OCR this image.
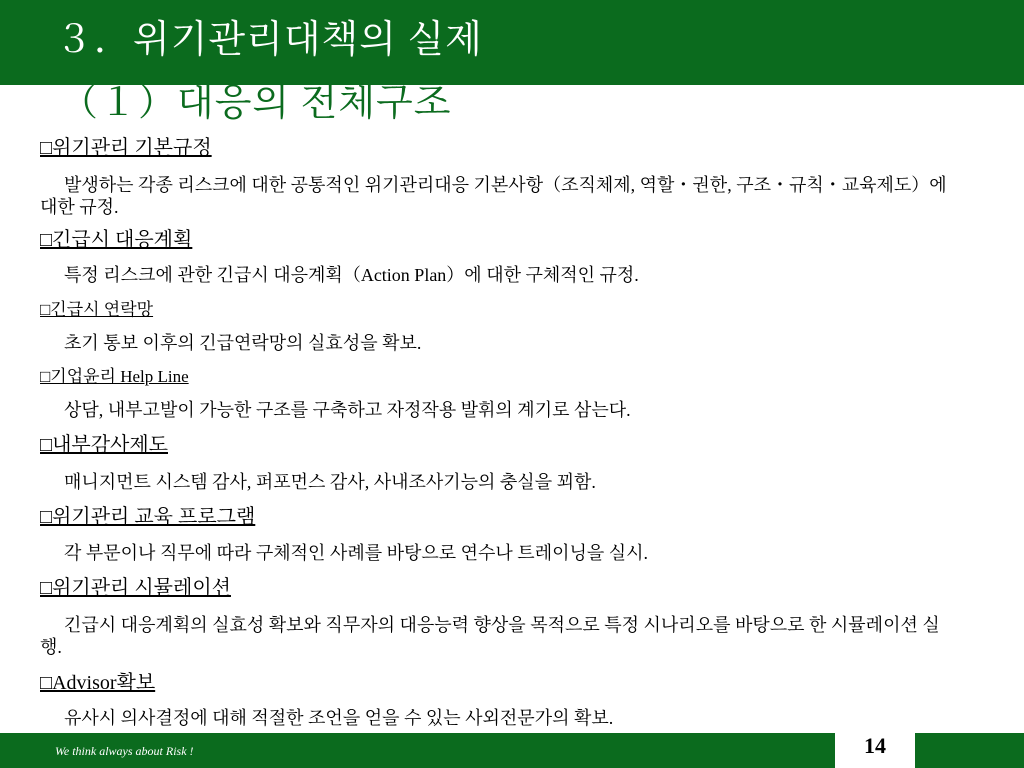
３．위기관리대책의 실제
（１）대응의 전체구조
□위기관리 기본규정
발생하는 각종 리스크에 대한 공통적인 위기관리대응 기본사항（조직체제, 역할・권한, 구조・규칙・교육제도）에 대한 규정.
□긴급시 대응계획
특정 리스크에 관한 긴급시 대응계획（Action Plan）에 대한 구체적인 규정.
□긴급시 연락망
초기 통보 이후의 긴급연락망의 실효성을 확보.
□기업윤리 Help Line
상담, 내부고발이 가능한 구조를 구축하고 자정작용 발휘의 계기로 삼는다.
□내부감사제도
매니지먼트 시스템 감사, 퍼포먼스 감사, 사내조사기능의 충실을 꾀함.
□위기관리 교육 프로그램
각 부문이나 직무에 따라 구체적인 사례를 바탕으로 연수나 트레이닝을 실시.
□위기관리 시뮬레이션
긴급시 대응계획의 실효성 확보와 직무자의 대응능력 향상을 목적으로 특정 시나리오를 바탕으로 한 시뮬레이션 실행.
□Advisor확보
유사시 의사결정에 대해 적절한 조언을 얻을 수 있는 사외전문가의 확보.
We think always about Risk !	14
